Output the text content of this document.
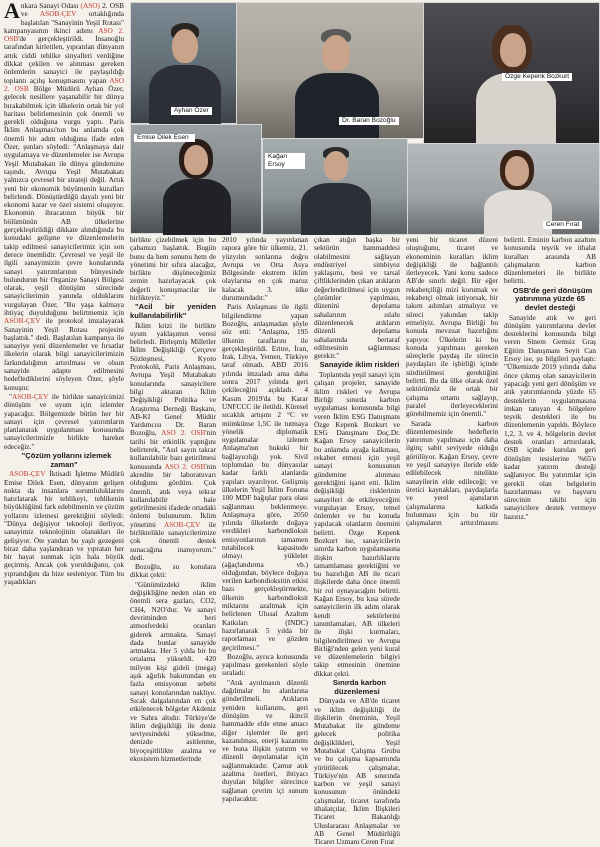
Ankara Sanayi Odası (ASO) 2. OSB ve ASOB-ÇEV ortaklığında başlatılan "Sanayinin Yeşil Rotası" kampanyasının ikinci adımı ASO 2. OSB'de gerçekleştirildi. İnsanoğlu tarafından kirletilen, yıpratılan dünyanın artık ciddi tehlike sinyalleri verdiğine dikkat çekilen ve alınması gereken önlemlerin sanayici ile paylaşıldığı toplantı açılış konuşmasını yapan ASO 2. OSB Bölge Müdürü Ayhan Özer, gelecek nesillere yaşanabilir bir dünya bırakabilmek için ülkelerin ortak bir yol haritası belirlemesinin çok önemli ve gerekli olduğuna vurgu yaptı. Paris İklim Anlaşması'nın bu anlamda çok önemli bir adım olduğuna ifade eden Özer, şunları söyledi: "Anlaşmaya dair uygulamaya ve düzenlemeler ise Avrupa Yeşil Mutabakatı ile dünya gündemine taşındı. Avrupa Yeşil Mutabakatı yalnızca çevresel bir strateji değil. Artık yeni bir ekonomik büyümenin kuralları belirlendi. Dönüştürdüğü dayalı yeni bir ekonomi karar ve özel sistemi oluşuyor. Ekonomin ihracatının büyük bir bölümünün AB ülkelerine gerçekleştirildiği dikkate alındığında bu konudaki gelişme ve düzenlemelerin takip edilmesi sanayicilerimiz için son derece önemlidir. Çevresel ve yeşil ile ilgili sanayimizin çevre konularında sanayi yatırımlarının bünyesinde bulundurun bir Organize Sanayi Bölgesi olarak, yeşil dönüşüm sürecinde sanayicilerimin yanında olduklarını vurgulayan Özer, "Bu yaşa kalmaya ihtiyaç duyulduğunu belirtmemiz için ASOB-ÇEV ile protokol imzalayarak Sanayinin Yeşil Rotası projesini başlattık." dedi. Başlatılan kampanya ile sanayiye yeni düzenlemeler ve fırsatlar ilkelerin olarak bilgi sanayicilerimizin farkındalığının artırılması ve olsun sanayide adapte edilmesini hedeflediklerini söyleyen Özer, şöyle konuştu:

"ASOB-ÇEV ile birlikte sanayicimizi dönüşüm ve uyum için izlemler yapacağız. Bölgemizde bütün her bir sanayi için çevresel yatırımların planlanarak uygulanması konusunda sanayicilerimizle birlikte hareket edeceğiz."

"Çözüm yollarını izlemek zaman"

ASOB-ÇEV İktisadi İşletme Müdürü Emise Dilek Esen, dünyanın gelişen nokta da insanlara sorumluluklarını hatırlatarak bir tehlikeyi, tehlikenin büyüklüğünü fark edebilmenin ve çözüm yollarını izlemesi gerektiğini söyledi: "Dünya değişiyor teknoloji ilerliyor, sanayimiz teknolojinin olanakları ile gelişiyor. Öte yandan bu yaşlı gezegeni biraz daha yaşlandıran ve yıpratan her bir hayat sunmak için hala büyük geçirmiş. Ancak çok yorulduğunu, çok yıprandığını da bize sesleniyor. Tüm bu yaşadıkları

Ayhan Özer
Dr. Baran Bozoğlu
Özge Kepenk Bozkurt
Emise Dilek Esen
Kağan Ersoy
Ceren Fırat

birlikte çizebilmek için bu çabamızı başlattık. Bugün bunu da hem sonunu hem de yönetimi bir sıfıra alacağız, birlikte düşüneceğimiz zemin hazırlayacak çok değerli konuşmacılar ile birlikteyiz."

"Acil bir yeniden kullanılabilirlik"

İklim krizi ile birlikte uyum yaklaşımın veresi belirledi. Birleşmiş Milletler İklim Değişikliği Çerçeve Sözleşmesi, Kyoto Protokolü, Paris Anlaşması, Avrupa Yeşil Mutabakatı konularında sanayicilere bilgi aktaran İklim Değişikliği Politika ve Araştırma Derneği Başkanı, AB-KI Genel Müdür Yardımcısı Dr. Baran Bozoğlu, ASO 2. OSB'nin tarihi bir etkinlik yaptığını belirterek, "Asıl sayın takrar kullanılabilir bazı getirilmesi konusunda ASO 2. OSB'nin akredite bir laboratuvarı olduğunu gördüm. Çok önemli, atık veya tekrar kullanılabilir hale getirilmesini ifadede ortadaki önlemi bulunurum. İklim yönetimi ASOB-ÇEV ile birliktelikle sanayicilerimize çok önemli destek sunacağına inanıyorum." dedi.

Bozoğlu, su konulara dikkat çekti:

"Günümüzdeki iklim değişikliğine neden olan en önemli sera gazları, CO2, CH4, N2O'dur. Ve sanayi devriminden beri atmosferdeki oranları giderek artmakta. Sanayi dada bunlar sanayide artmakta. Her 5 yılda bir bu ortalama yükseldi. 420 milyon kişi gideli (mega) aşık ağırlık bakımından en fazla emisyonun sebebi sanayi konularından nakliye. Sıcak dalgalarından en çok etkilenecek bölgeler Akdeniz ve Sahra altıdır. Türkiye'de iklim değişikliği ile deniz seviyesindeki yükselme, denizde asitlenme, biyoçeşitlilikte azalma ve ekosistem hizmetlerinde

2010 yılında yayınlanan rapora göre bir ülkemiz, 21. yüzyılın sonlarına doğru Avrupa ve Orta Asya Bölgesinde ekstrem iklim olaylarına en çok maruz kalacak 3. ülke durumundadır."

Paris Anlaşması ile ilgili bilgilendirme yapan Bozoğlu, anlaşmadan şöyle söz etti: "Anlaşma, 195 ülkenin taraflarını ile gerçekleştirildi. Eritre, İran, Irak, Libya, Yemen, Türkiye taraf olmadı. ABD 2016 yılında imzaladı ama daha sonra 2017 yılında geri çekileceğini açıkladı. 4 Kasım 2019'da bu Karar UNFCCC ile iletildi. Küresel sıcaklık artışını 2 °C ve mümkünse 1,5C ile tutmaya yönelik diplomatik uygulamalar izlenen Anlaşma'nın hukuki bir bağlayıcılığı yok. Sivil toplumdan bu dünyasılar kadar farklı alanlarda yapıları uyarılıyor. Gelişmiş ülkelerin Yeşil İklim Fonuna 100 MDF bağışlar para olası sağlanması beklenmeye. Anlaşmaya göre, 2050 yılında ülkelerde doğaya verdikleri karbondioksit emisyonlarının tamamen tutabilecek kapasitede olmayı yükleler (ağaçlandırma vb.) olduğundan, böylece doğaya verilen karbondioksitin etkisi bazı gerçekleştirmekte, ülkenin karbondioksit miktarını azaltmak için belirlenen Ulusal Azaltım Katkıları (INDC) hazırlanarak 5 yılda bir raporlaması ve gözden geçirilmesi."

Bozoğlu, ayrıca konusunda yapılması gerekenleri söyle sıraladı:

"Atık ayrılmasın düzenli dağılmalar bu alanlarına gönderilmeli. Atıkların yeniden kullanımı, geri dönüşüm ve ikincil hammadde elde etme amacı diğer işlemler ile geri kazanılması, enerji kazanımı ve buna ilişkin yatırım ve düzenli depolamalar için sağlanmaktadır. Çamur atık azaltma özetleri, ihtiyacı duyulan bilgiler sürecince sağlanan çevrim içi sunum yapılacaktır.

çıkan atığın başka bir sektörün hammaddesi olabilmesini sağlayan endüstriyel simbiyoz yaklaşımı, besi ve tarsal çiftliklerinden çıkan atıkların değerlendirilmesi için uygun çözümler yapılması, düzenini depolama sahalarının ıslahı düzenlenecek atıkların düzenli depolama sahalarında bertaraf edilmesinin sağlanması gerekir."

Sanayide iklim riskleri

Toplantıda yeşil sanayi için çalışan projeler, sanayide iklim riskleri ve Avrupa Birliği sınırda karbon uygulaması konusunda bilgi veren İklim ESG Danışmanı Özge Kepenk Bozkurt ve ESG Danışmanı Doç.Dr. Kağan Ersoy sanayicilerin bu anlamda ayağa kalkması, rekabet etmesi için yeşil sanayi konusunun gündemine alınması gerektiğini işaret etti. İklim değişikliği risklerinin sanayileri de etkileyeceğini vurgulayan Ersoy, temel önlemler ve bu konuda yapılacak olanların önemini belirtti. Özge Kepenk Bozkurt ise, sanayicilerin sınırda karbon uygulamasına ilişkin hazırlıklarını tamamlaması gerektiğini ve bu hazırlığın AB ile ticari ilişkilerde daha önce önemli bir rol oynayacağını belirtti. Kağan Ersoy, bu kısa sürede sanayicilerin ilk adım olarak kendi sektörlerini tanımlamaları, AB ülkeleri ile ilişki kurmaları, bilgilendirilmesi ve Avrupa Birliği'nden gelen yeni kural ve düzenlemelerin bilgiyi takip etmesinin önemine dikkat çekti.

Sınırda karbon düzenlemesi

Dünyada ve AB'de ticaret ve iklim değişikliği ile ilişkilerin öneminin, Yeşil Mutabakat ile gündeme gelecek politika değişiklikleri, Yeşil Mutabakat Çalışma Grubu ve bu çalışma kapsamında yürütülecek çalışmalar, Türkiye'nin AB sınırında karbon ve yeşil sanayi konusunun önündeki çalışmalar, ticaret tarafında ithalatçılar, İklim İlişkileri Ticaret Bakanlığı Uluslararası Anlaşmalar ve AB Genel Müdürlüğü Ticaret Uzmanı Ceren Fırat

yeni bir ticaret düzeni oluştuğunu, ticaret ve ekonominin kuralları iklim değişikliği ile bağlantılı ilerleyecek. Yani konu sadece AB'de sınırlı değil. Bir eğer rekabetçiliği mizi korumak ve rekabetçi olmak istiyorsak, bir takım adımları atmalıyız ve süreci yakından takip etmeliyiz. Avrupa Birliği bu konuda mevzuat hazırlığını yapıyor. Ülkelerin ki bu konuda yapılması gereken süreçlerle paydaş ile sürecin paydaşları ile işbirliği içinde sürdürülmesi gerektiğini belirtti. Bu da ülke olarak özel sektörümüz ile ortak bir çalışma ortamı sağlayıp, paralel ilerleyeceklerini görebilmemiz için önemli."

Sarada karbon düzenlemesinde hedeflerin yatırımın yapılması için daha ilginç sabit seviyede olduğu görülüyor. Kağan Ersoy, çevre ve yeşil sanayiye ileride elde edilebilecek nitelikte sanayilerin elde edileceği; ve üretici kaynakları, paydaşlarla ve yerel ajansların çalışmalarına katkıda bulunması için bu tür çalışmaların arttırılmasını belirtti. Eminin karbon azaltım konusunda teşvik ve ithalat kuralları arasında AB çalışmaların karbon düzenlemeleri ile birlikte belirtti.

OSB'de geri dönüşüm yatırımına yüzde 65 devlet desteği

Sanayide atık ve geri dönüşüm yatırımlarına devlet desteklerini konusunda bilgi veren Sinem Gemsiz Graş Eğitim Danışmanı Seyit Can Ersoy ise, şu bilgileri paylaştı: "Ülkemizde 2019 yılında daha önce çıkmış olan sanayicilerin yapacağı yeni geri dönüşüm ve atık yatırımlarında yüzde 65 desteklerin uygulanmasına imkan tanıyan 4. bölgelere teşvik destekleri ile bu düzenlemenin yapıldı. Böylece 1,2, 3. ve 4. bölgelerin devlet destek oranları arttırılarak, OSB içinde kurulan geri dönüşüm tesislerine %65'e kadar yatırım desteği sağlanıyor. Bu yatırımlar için gerekli olan belgelerin hazırlanması ve başvuru sürecinin takibi için sanayicilere destek vermeye hazırız."
